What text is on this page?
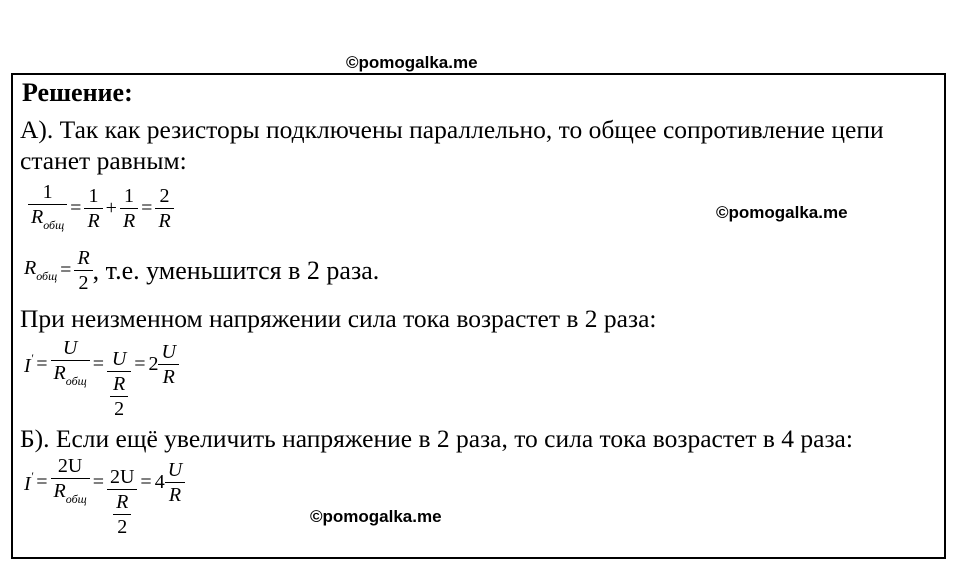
©pomogalka.me
Решение:
А). Так как резисторы подключены параллельно, то общее сопротивление цепи
станет равным:
$\frac{1}{R_{общ}} = \frac{1}{R} + \frac{1}{R} = \frac{2}{R}$	©pomogalka.me
$R_{общ} = \frac{R}{2}$ , т.е. уменьшится в 2 раза.
При неизменном напряжении сила тока возрастет в 2 раза:
$I' = \frac{U}{R_{общ}} = \frac{U}{\frac{R}{2}} = 2 \frac{U}{R}$
Б). Если ещё увеличить напряжение в 2 раза, то сила тока возрастет в 4 раза:
$I' = \frac{2U}{R_{общ}} = \frac{2U}{\frac{R}{2}} = 4 \frac{U}{R}$
©pomogalka.me
